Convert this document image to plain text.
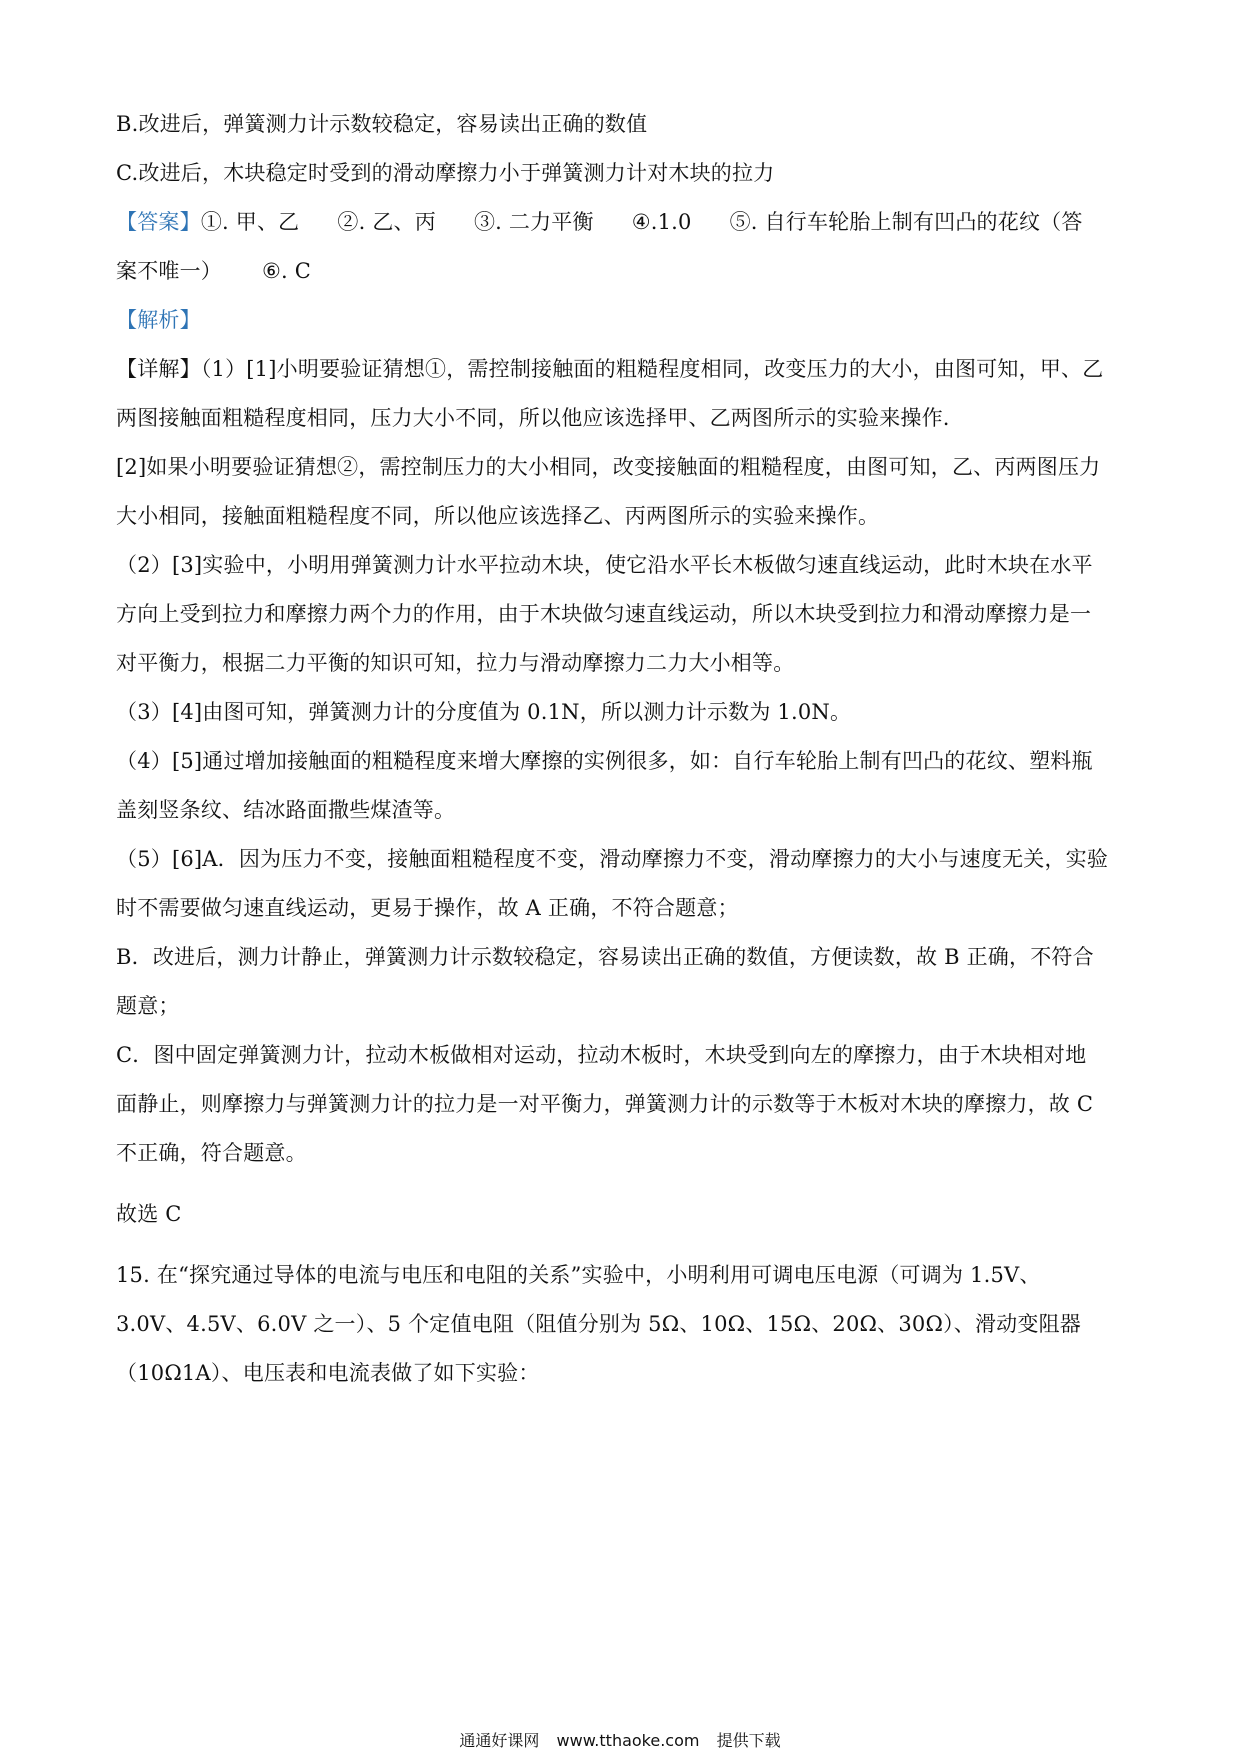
B.改进后，弹簧测力计示数较稳定，容易读出正确的数值
C.改进后，木块稳定时受到的滑动摩擦力小于弹簧测力计对木块的拉力
【答案】①. 甲、乙 ②. 乙、丙 ③. 二力平衡 ④.1.0 ⑤. 自行车轮胎上制有凹凸的花纹（答
案不唯一） ⑥. C
【解析】
【详解】（1）[1]小明要验证猜想①，需控制接触面的粗糙程度相同，改变压力的大小，由图可知，甲、乙
两图接触面粗糙程度相同，压力大小不同，所以他应该选择甲、乙两图所示的实验来操作.
[2]如果小明要验证猜想②，需控制压力的大小相同，改变接触面的粗糙程度，由图可知，乙、丙两图压力
大小相同，接触面粗糙程度不同，所以他应该选择乙、丙两图所示的实验来操作。
（2）[3]实验中，小明用弹簧测力计水平拉动木块，使它沿水平长木板做匀速直线运动，此时木块在水平
方向上受到拉力和摩擦力两个力的作用，由于木块做匀速直线运动，所以木块受到拉力和滑动摩擦力是一
对平衡力，根据二力平衡的知识可知，拉力与滑动摩擦力二力大小相等。
（3）[4]由图可知，弹簧测力计的分度值为 0.1N，所以测力计示数为 1.0N。
（4）[5]通过增加接触面的粗糙程度来增大摩擦的实例很多，如：自行车轮胎上制有凹凸的花纹、塑料瓶
盖刻竖条纹、结冰路面撒些煤渣等。
（5）[6]A．因为压力不变，接触面粗糙程度不变，滑动摩擦力不变，滑动摩擦力的大小与速度无关，实验
时不需要做匀速直线运动，更易于操作，故 A 正确，不符合题意；
B．改进后，测力计静止，弹簧测力计示数较稳定，容易读出正确的数值，方便读数，故 B 正确，不符合
题意；
C．图中固定弹簧测力计，拉动木板做相对运动，拉动木板时，木块受到向左的摩擦力，由于木块相对地
面静止，则摩擦力与弹簧测力计的拉力是一对平衡力，弹簧测力计的示数等于木板对木块的摩擦力，故 C
不正确，符合题意。
故选 C
15. 在“探究通过导体的电流与电压和电阻的关系”实验中，小明利用可调电压电源（可调为 1.5V、
3.0V、4.5V、6.0V 之一）、5 个定值电阻（阻值分别为 5Ω、10Ω、15Ω、20Ω、30Ω）、滑动变阻器
（10Ω1A）、电压表和电流表做了如下实验：
通通好课网 www.tthaoke.com 提供下载
